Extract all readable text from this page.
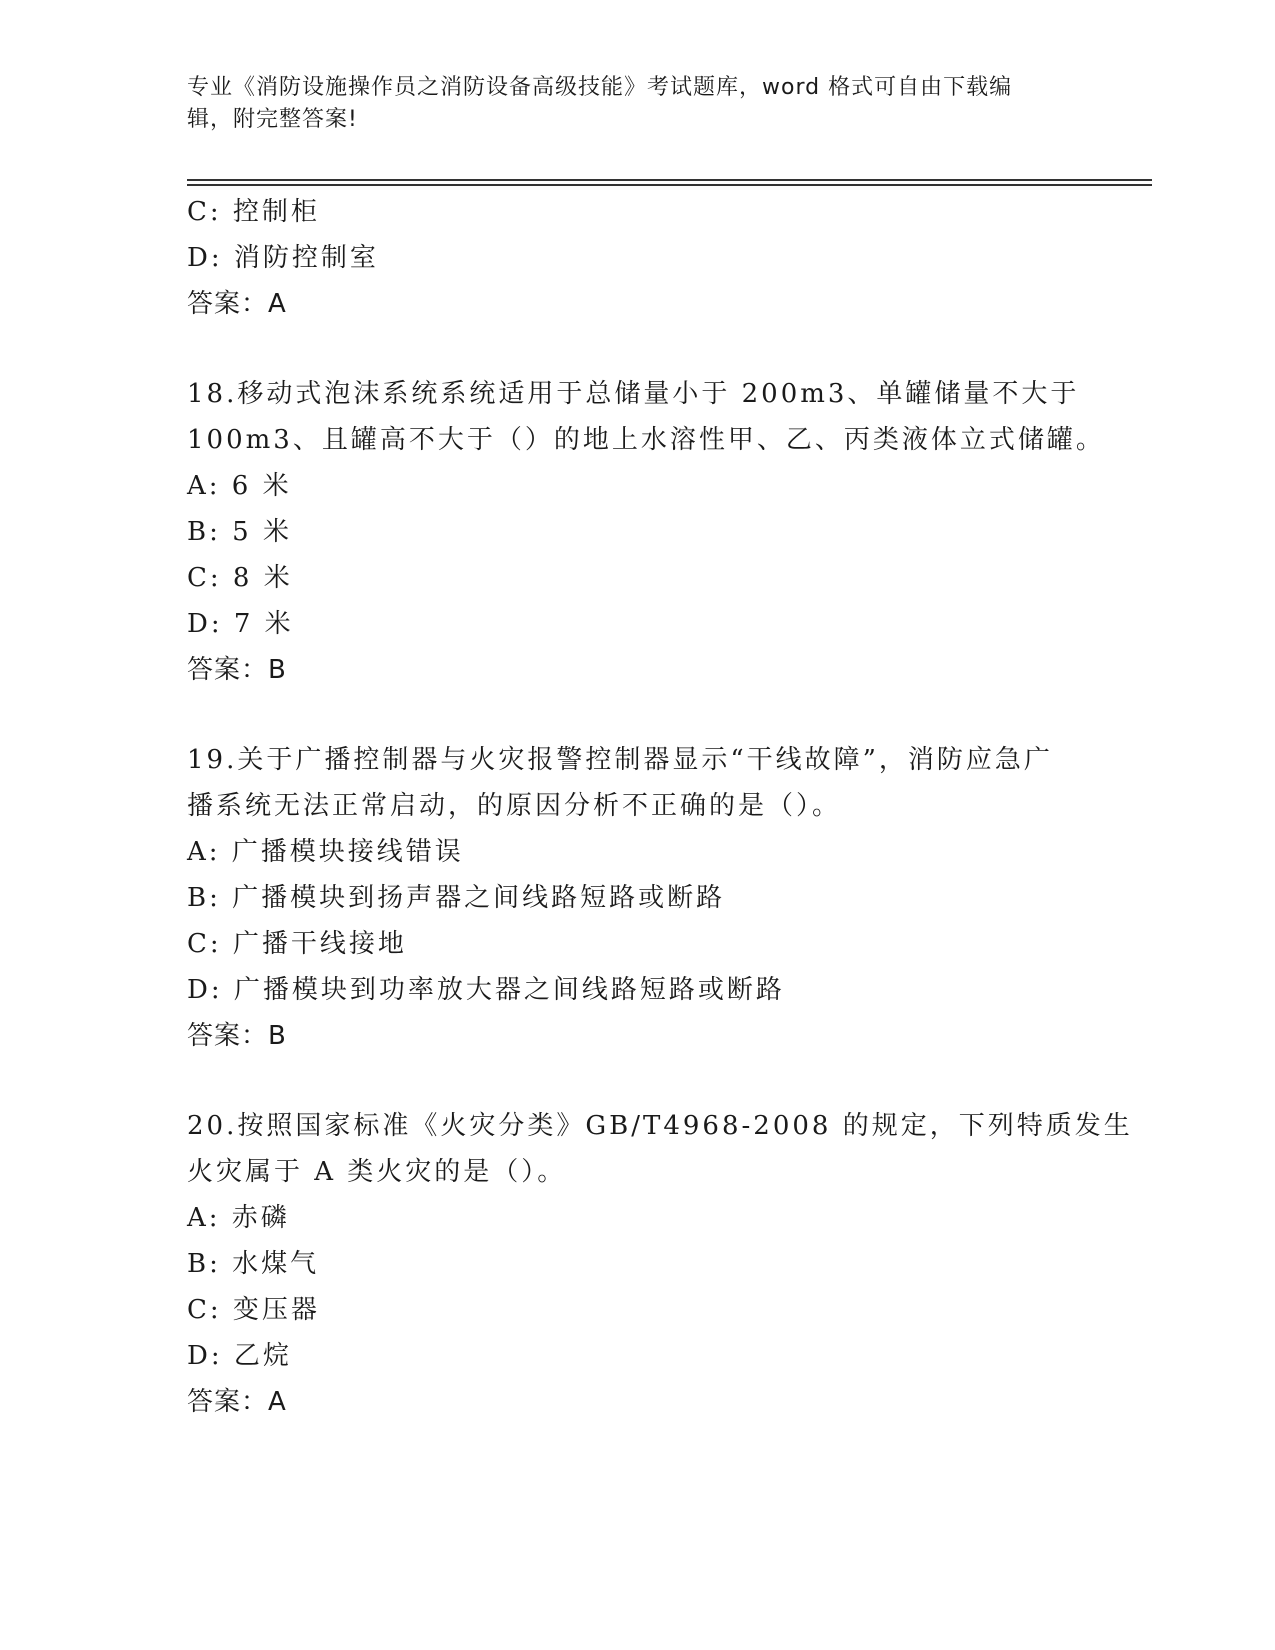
专业《消防设施操作员之消防设备高级技能》考试题库，word 格式可自由下载编
辑，附完整答案!
C: 控制柜
D: 消防控制室
答案：A
18.移动式泡沫系统系统适用于总储量小于 200m3、单罐储量不大于
100m3、且罐高不大于（）的地上水溶性甲、乙、丙类液体立式储罐。
A: 6 米
B: 5 米
C: 8 米
D: 7 米
答案：B
19.关于广播控制器与火灾报警控制器显示“干线故障”，消防应急广
播系统无法正常启动，的原因分析不正确的是（）。
A: 广播模块接线错误
B: 广播模块到扬声器之间线路短路或断路
C: 广播干线接地
D: 广播模块到功率放大器之间线路短路或断路
答案：B
20.按照国家标准《火灾分类》GB/T4968-2008 的规定，下列特质发生
火灾属于 A 类火灾的是（）。
A: 赤磷
B: 水煤气
C: 变压器
D: 乙烷
答案：A
